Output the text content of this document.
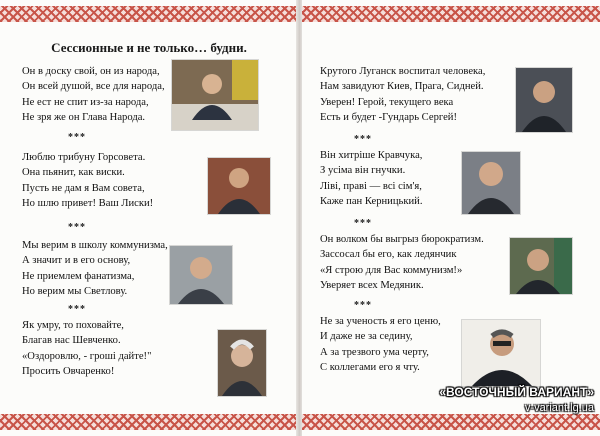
Сессионные и не только… будни.
Он в доску свой, он из народа,
Он всей душой, все для народа,
Не ест не спит из-за народа,
Не зря же он Глава Народа.
***
Люблю трибуну Горсовета.
Она пьянит, как виски.
Пусть не дам я Вам совета,
Но шлю привет! Ваш Лиски!
***
Мы верим в школу коммунизма,
А значит и в его основу,
Не приемлем фанатизма,
Но верим мы Светлову.
***
Як умру, то поховайте,
Благав нас Шевченко.
«Оздоровлю, - гроші дайте!"
Просить Овчаренко!
Крутого Луганск воспитал человека,
Нам завидуют Киев, Прага, Сидней.
Уверен! Герой, текущего века
Есть и будет -Гундарь Сергей!
***
Він хитріше Кравчука,
З усіма він гнучки.
Ліві, праві — всі сім'я,
Каже пан Керницький.
***
Он волком бы выгрыз бюрократизм.
Зассосал бы его, как ледянчик
«Я строю для Вас коммунизм!»
Уверяет всех Медяник.
***
Не за ученость я его ценю,
И даже не за седину,
А за трезвого ума черту,
С коллегами его я чту.
«ВОСТОЧНЫЙ ВАРИАНТ»
v-variant.lg.ua
